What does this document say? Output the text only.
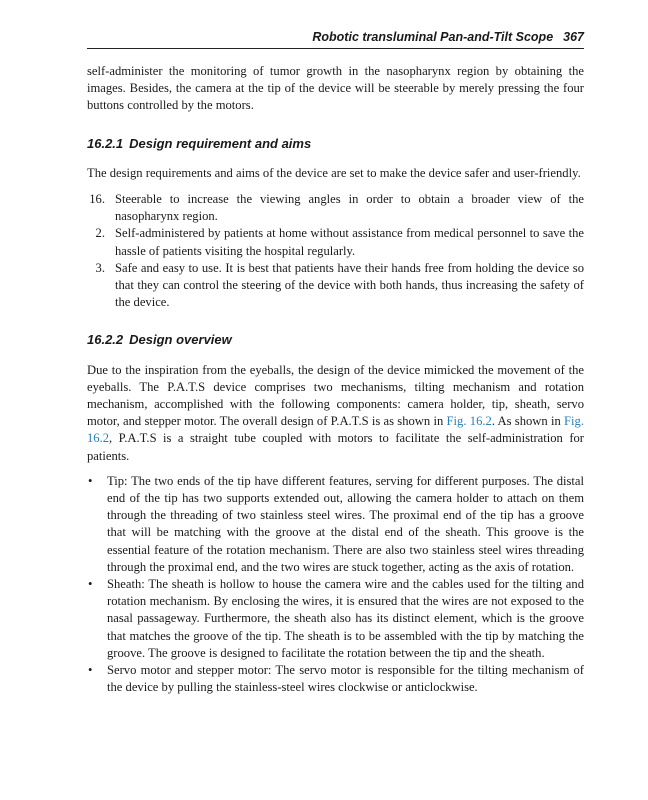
Robotic transluminal Pan-and-Tilt Scope 367

self-administer the monitoring of tumor growth in the nasopharynx region by obtaining the images. Besides, the camera at the tip of the device will be steerable by merely pressing the four buttons controlled by the motors.

16.2.1 Design requirement and aims

The design requirements and aims of the device are set to make the device safer and user-friendly.

16. Steerable to increase the viewing angles in order to obtain a broader view of the nasopharynx region.
2. Self-administered by patients at home without assistance from medical personnel to save the hassle of patients visiting the hospital regularly.
3. Safe and easy to use. It is best that patients have their hands free from holding the device so that they can control the steering of the device with both hands, thus increasing the safety of the device.
16.2.2 Design overview

Due to the inspiration from the eyeballs, the design of the device mimicked the movement of the eyeballs. The P.A.T.S device comprises two mechanisms, tilting mechanism and rotation mechanism, accomplished with the following components: camera holder, tip, sheath, servo motor, and stepper motor. The overall design of P.A.T.S is as shown in Fig. 16.2. As shown in Fig. 16.2, P.A.T.S is a straight tube coupled with motors to facilitate the self-administration for patients.

• Tip: The two ends of the tip have different features, serving for different purposes. The distal end of the tip has two supports extended out, allowing the camera holder to attach on them through the threading of two stainless steel wires. The proximal end of the tip has a groove that will be matching with the groove at the distal end of the sheath. This groove is the essential feature of the rotation mechanism. There are also two stainless steel wires threading through the proximal end, and the two wires are stuck together, acting as the axis of rotation.
• Sheath: The sheath is hollow to house the camera wire and the cables used for the tilting and rotation mechanism. By enclosing the wires, it is ensured that the wires are not exposed to the nasal passageway. Furthermore, the sheath also has its distinct element, which is the groove that matches the groove of the tip. The sheath is to be assembled with the tip by matching the groove. The groove is designed to facilitate the rotation between the tip and the sheath.
• Servo motor and stepper motor: The servo motor is responsible for the tilting mechanism of the device by pulling the stainless-steel wires clockwise or anticlockwise.
